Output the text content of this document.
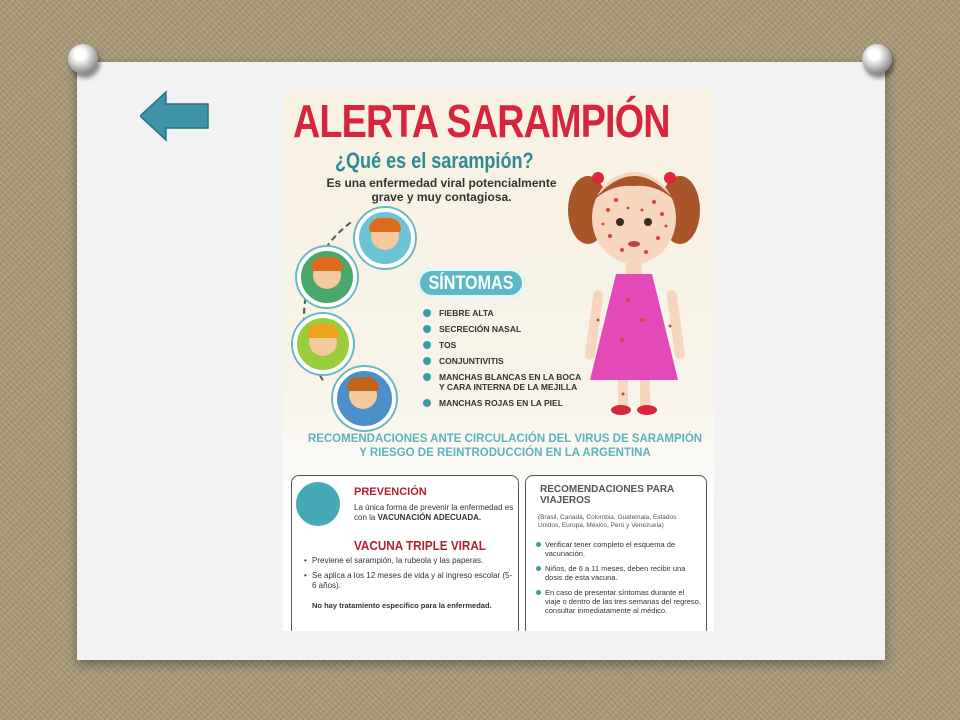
ALERTA SARAMPIÓN
¿Qué es el sarampión?
Es una enfermedad viral potencialmente grave y muy contagiosa.
SÍNTOMAS
FIEBRE ALTA
SECRECIÓN NASAL
TOS
CONJUNTIVITIS
MANCHAS BLANCAS EN LA BOCA Y CARA INTERNA DE LA MEJILLA
MANCHAS ROJAS EN LA PIEL
RECOMENDACIONES ANTE CIRCULACIÓN DEL VIRUS DE SARAMPIÓN Y RIESGO DE REINTRODUCCIÓN EN LA ARGENTINA
PREVENCIÓN
La única forma de prevenir la enfermedad es con la VACUNACIÓN ADECUADA.
VACUNA TRIPLE VIRAL
• Previene el sarampión, la rubeola y las paperas.
• Se aplica a los 12 meses de vida y al ingreso escolar (5-6 años).
No hay tratamiento específico para la enfermedad.
RECOMENDACIONES PARA VIAJEROS
(Brasil, Canadá, Colombia, Guatemala, Estados Unidos, Europa, México, Perú y Venezuela)
Verificar tener completo el esquema de vacunación.
Niños, de 6 a 11 meses, deben recibir una dosis de esta vacuna.
En caso de presentar síntomas durante el viaje o dentro de las tres semanas del regreso, consultar inmediatamente al médico.
